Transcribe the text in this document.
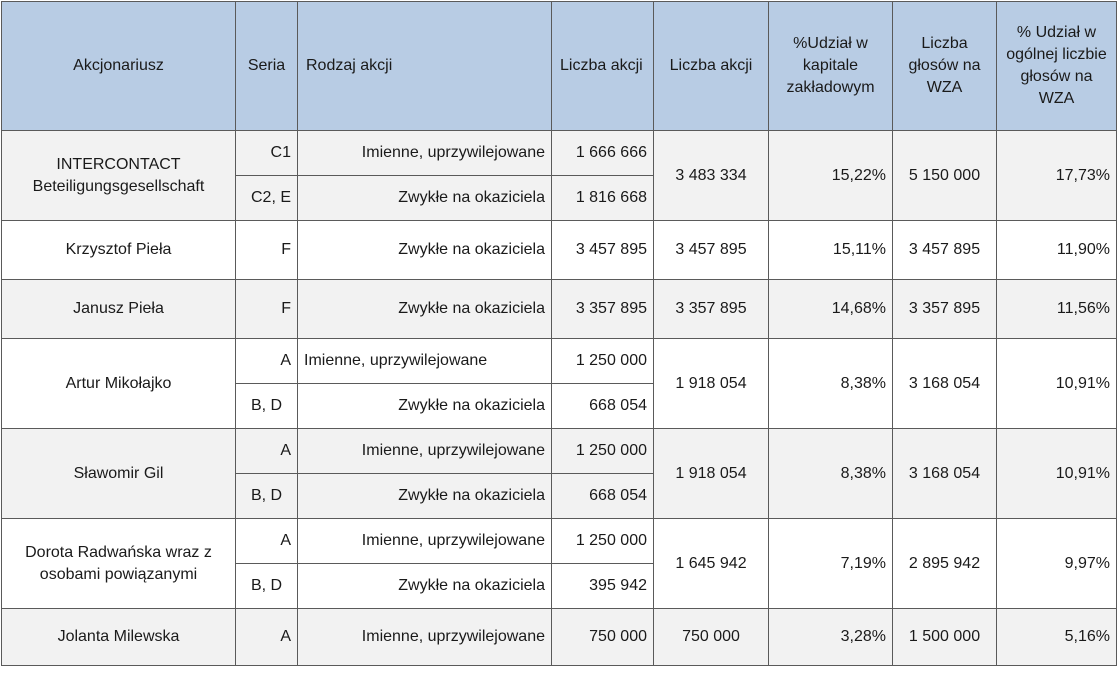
Akcjonariusz	Seria	Rodzaj akcji	Liczba akcji	Liczba akcji	%Udział w kapitale zakładowym	Liczba głosów na WZA	% Udział w ogólnej liczbie głosów na WZA
INTERCONTACT Beteiligungsgesellschaft	C1	Imienne, uprzywilejowane	1 666 666	3 483 334	15,22%	5 150 000	17,73%
	C2, E	Zwykłe na okaziciela	1 816 668				
Krzysztof Pieła	F	Zwykłe na okaziciela	3 457 895	3 457 895	15,11%	3 457 895	11,90%
Janusz Pieła	F	Zwykłe na okaziciela	3 357 895	3 357 895	14,68%	3 357 895	11,56%
Artur Mikołajko	A	Imienne, uprzywilejowane	1 250 000	1 918 054	8,38%	3 168 054	10,91%
	B, D	Zwykłe na okaziciela	668 054				
Sławomir Gil	A	Imienne, uprzywilejowane	1 250 000	1 918 054	8,38%	3 168 054	10,91%
	B, D	Zwykłe na okaziciela	668 054				
Dorota Radwańska wraz z osobami powiązanymi	A	Imienne, uprzywilejowane	1 250 000	1 645 942	7,19%	2 895 942	9,97%
	B, D	Zwykłe na okaziciela	395 942				
Jolanta Milewska	A	Imienne, uprzywilejowane	750 000	750 000	3,28%	1 500 000	5,16%
